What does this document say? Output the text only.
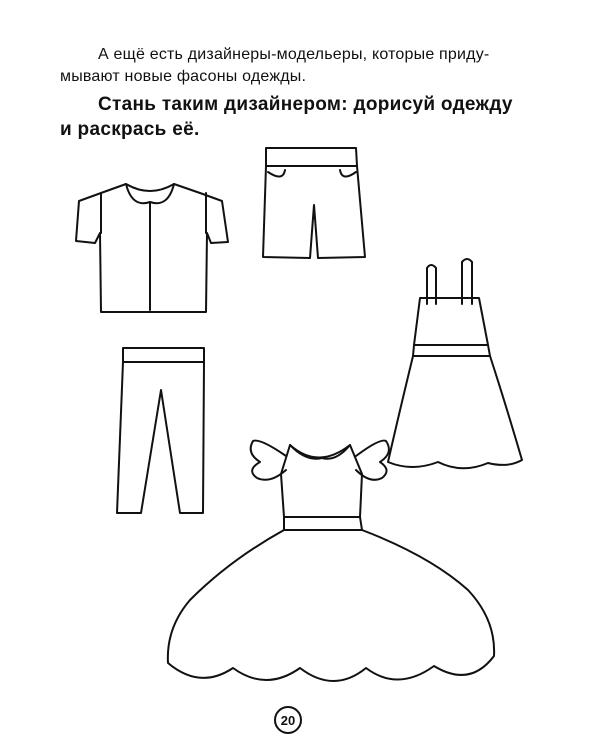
А ещё есть дизайнеры-модельеры, которые приду-
мывают новые фасоны одежды.
Стань таким дизайнером: дорисуй одежду
и раскрась её.
20
